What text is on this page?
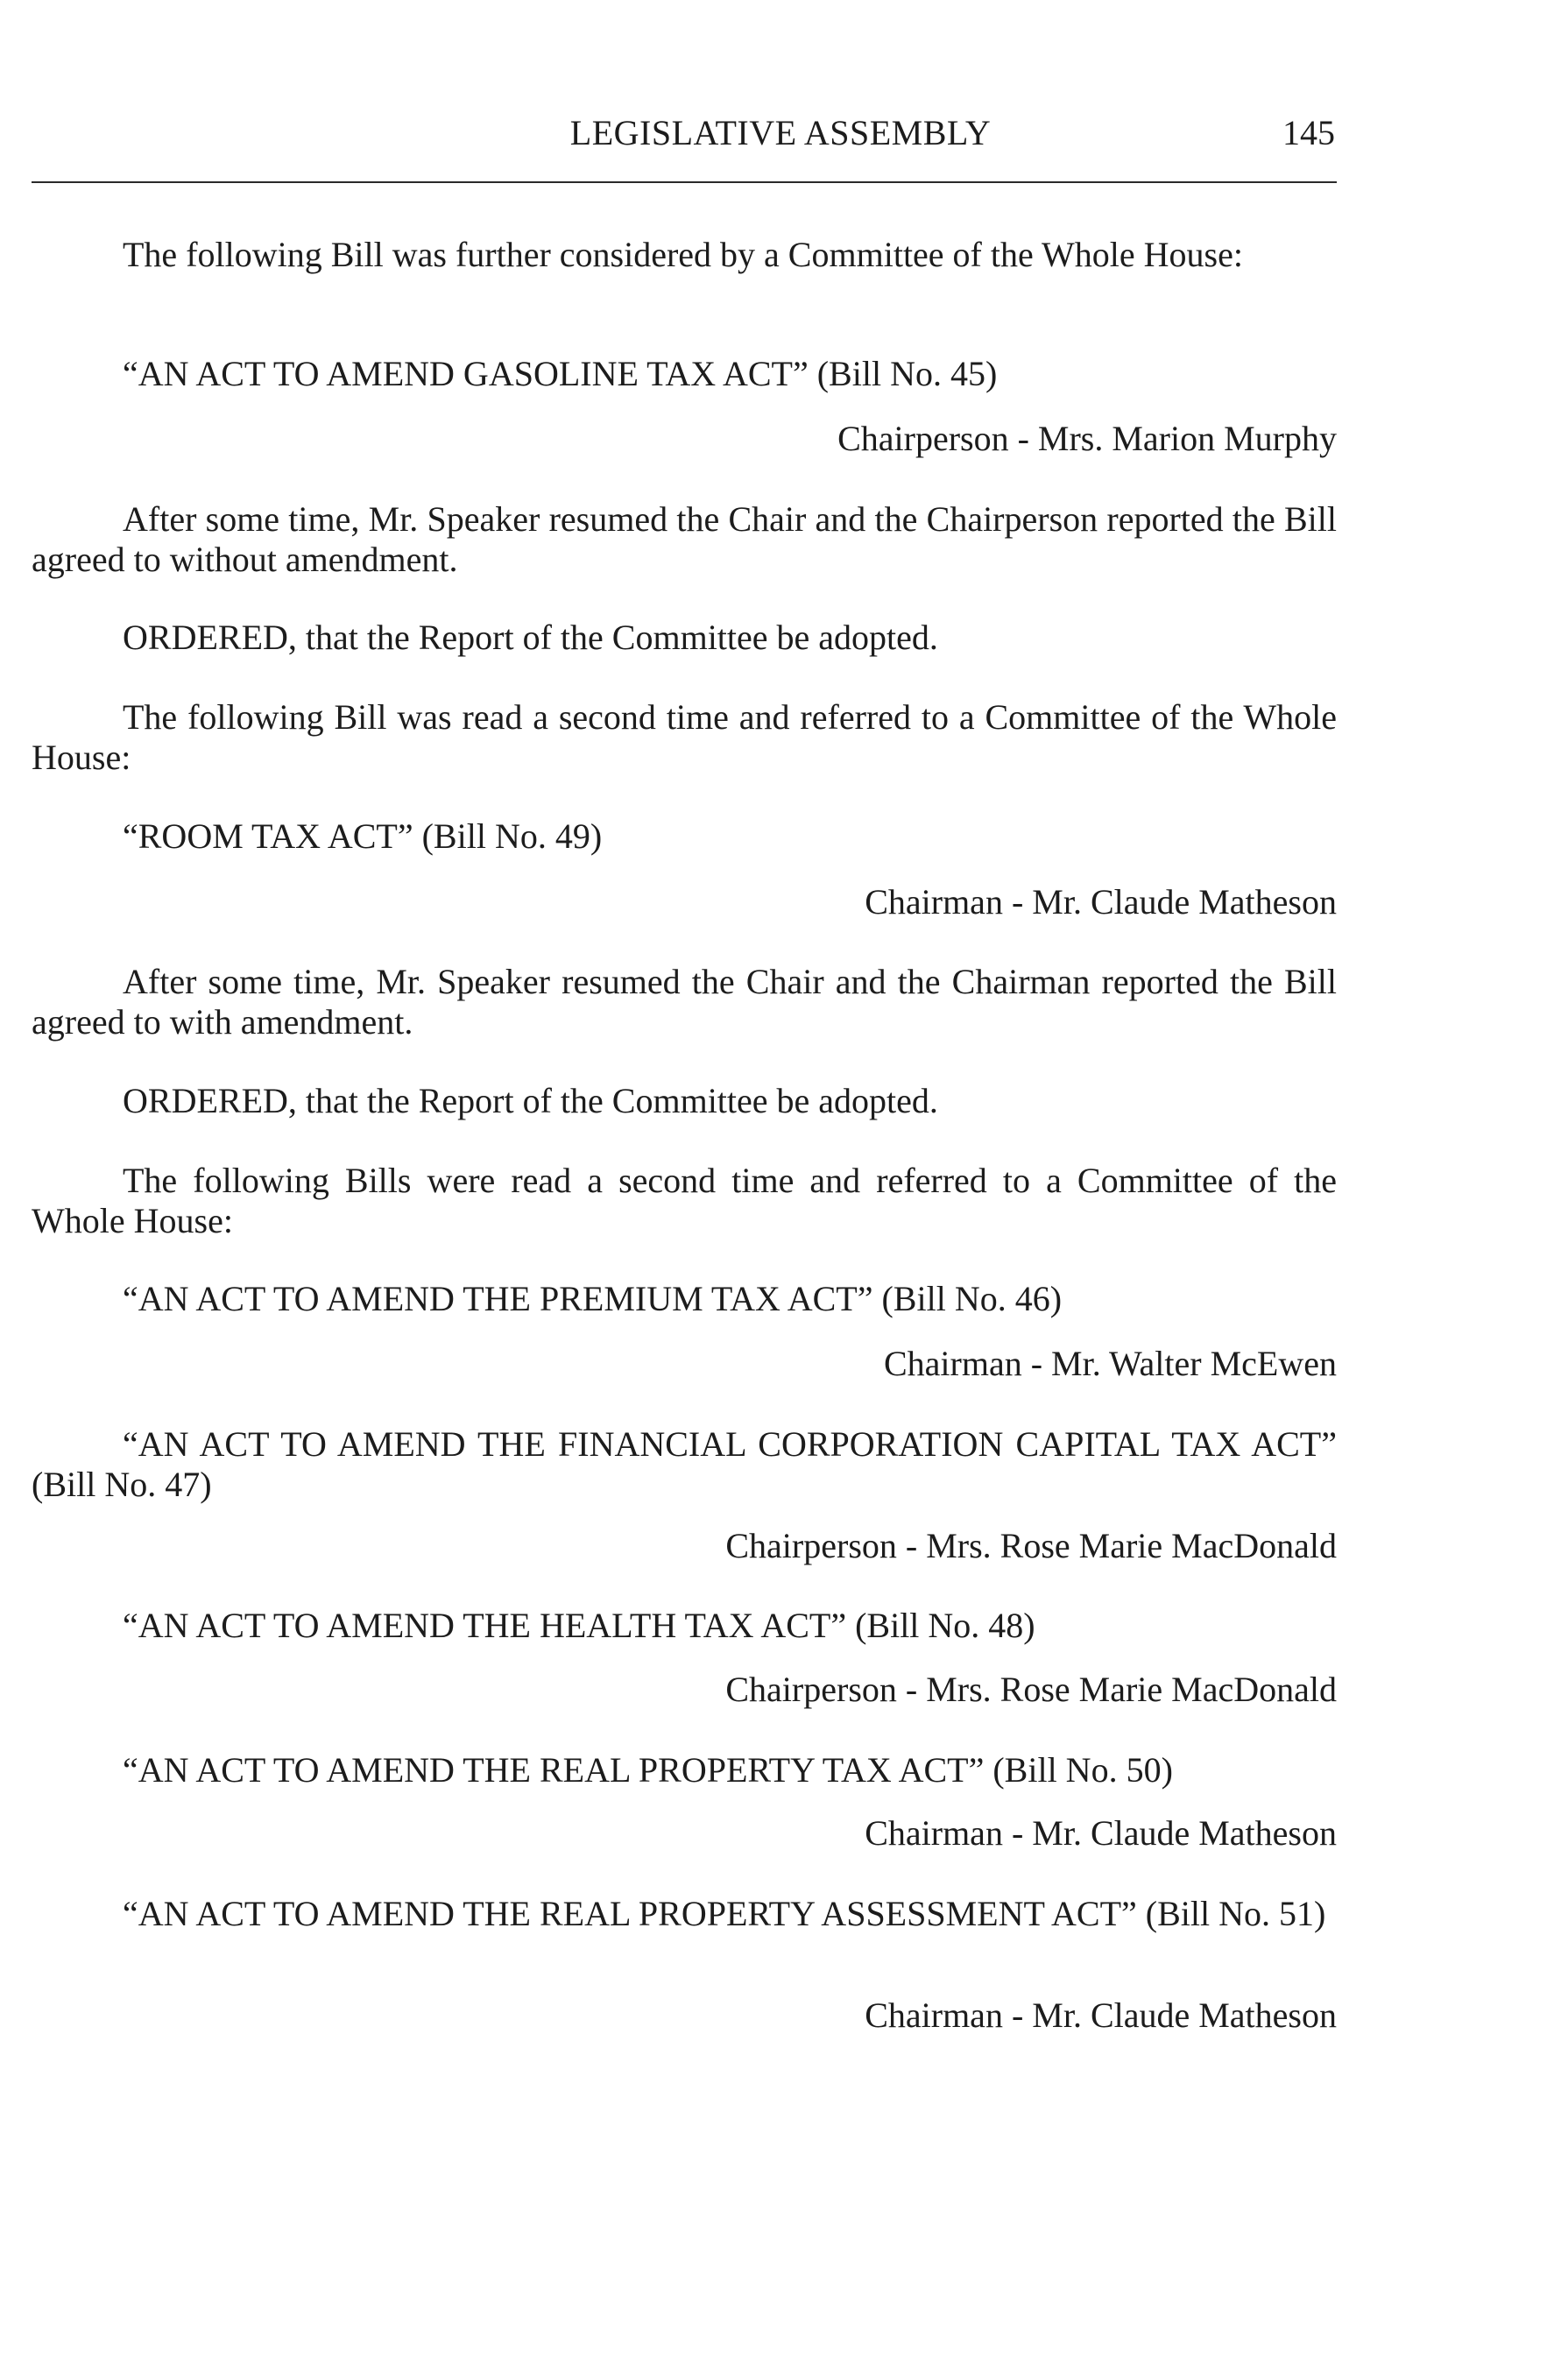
LEGISLATIVE ASSEMBLY	145

The following Bill was further considered by a Committee of the Whole House:

“AN ACT TO AMEND GASOLINE TAX ACT” (Bill No. 45)

Chairperson - Mrs. Marion Murphy

After some time, Mr. Speaker resumed the Chair and the Chairperson reported the Bill agreed to without amendment.

ORDERED, that the Report of the Committee be adopted.

The following Bill was read a second time and referred to a Committee of the Whole House:

“ROOM TAX ACT” (Bill No. 49)

Chairman - Mr. Claude Matheson

After some time, Mr. Speaker resumed the Chair and the Chairman reported the Bill agreed to with amendment.

ORDERED, that the Report of the Committee be adopted.

The following Bills were read a second time and referred to a Committee of the Whole House:

“AN ACT TO AMEND THE PREMIUM TAX ACT” (Bill No. 46)

Chairman - Mr. Walter McEwen

“AN ACT TO AMEND THE FINANCIAL CORPORATION CAPITAL TAX ACT” (Bill No. 47)

Chairperson - Mrs. Rose Marie MacDonald

“AN ACT TO AMEND THE HEALTH TAX ACT” (Bill No. 48)

Chairperson - Mrs. Rose Marie MacDonald

“AN ACT TO AMEND THE REAL PROPERTY TAX ACT” (Bill No. 50)

Chairman - Mr. Claude Matheson

“AN ACT TO AMEND THE REAL PROPERTY ASSESSMENT ACT” (Bill No. 51)

Chairman - Mr. Claude Matheson
